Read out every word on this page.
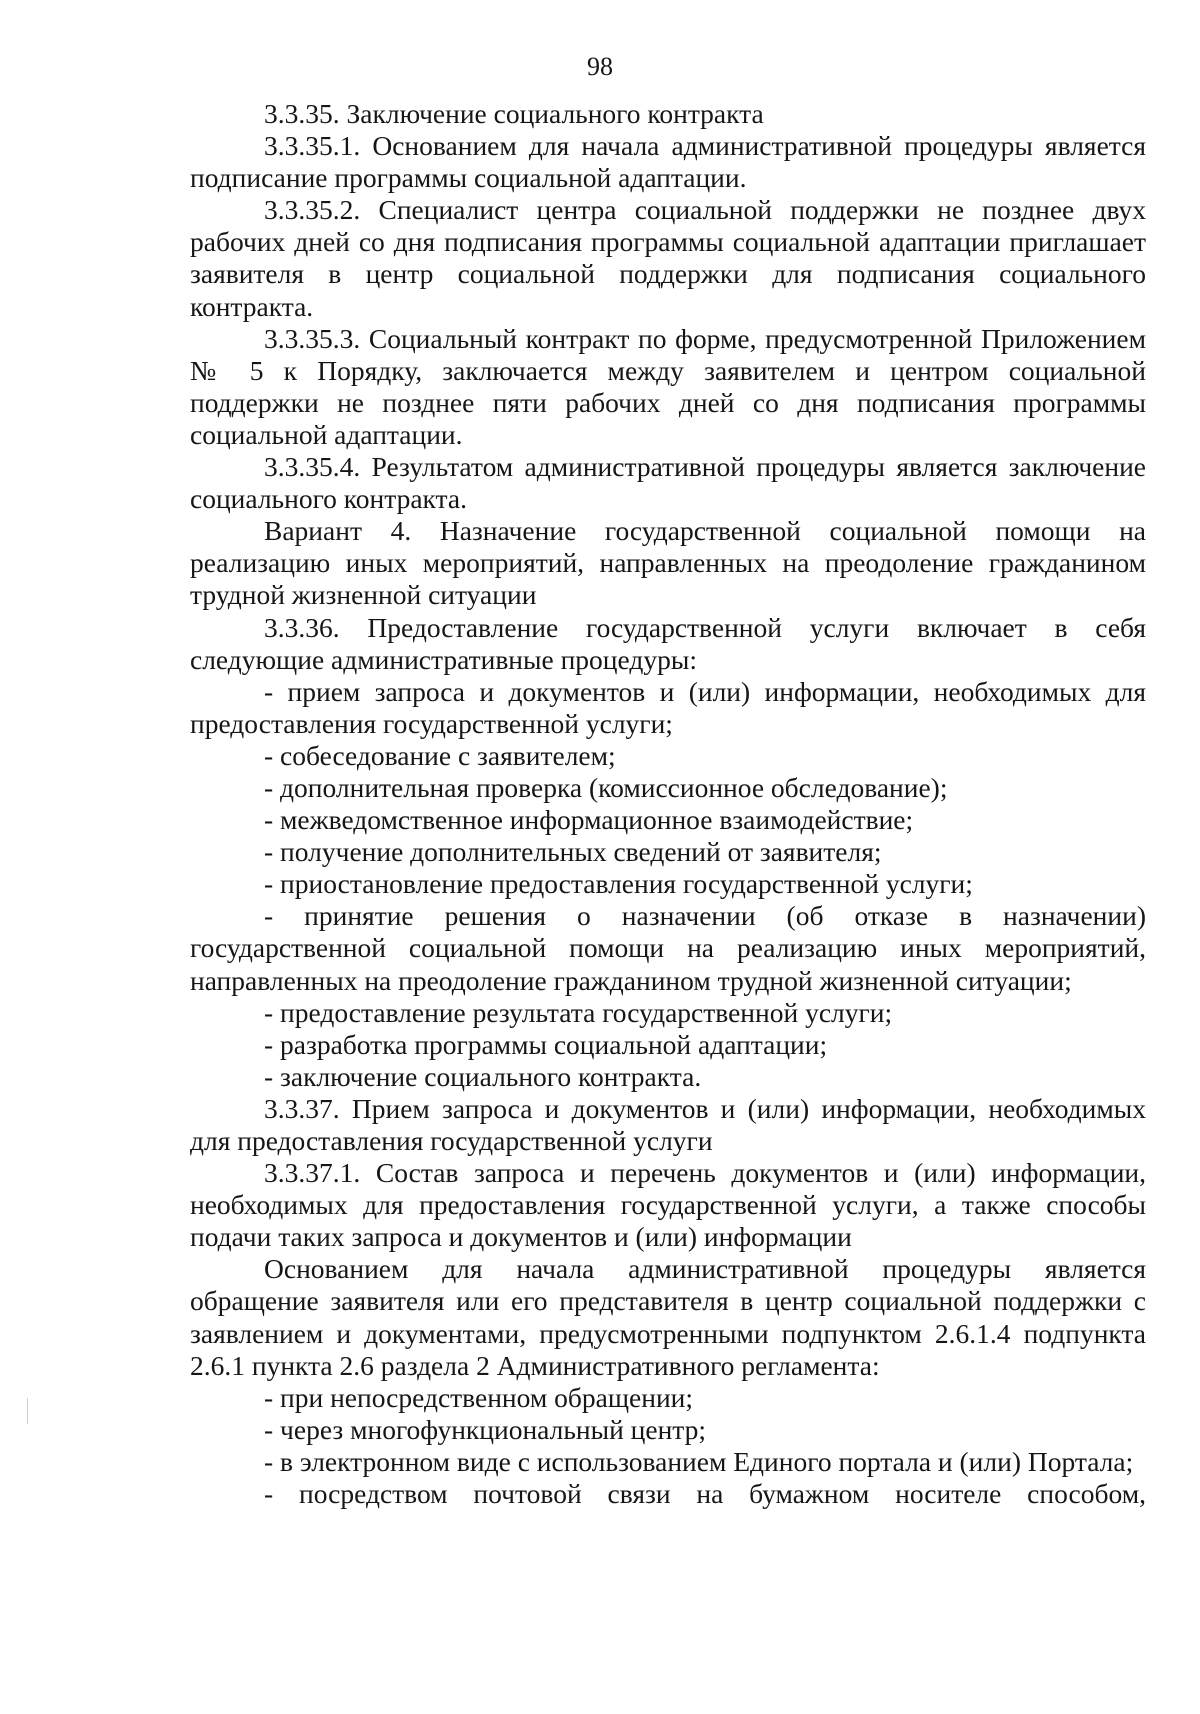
98

3.3.35. Заключение социального контракта

3.3.35.1. Основанием для начала административной процедуры является подписание программы социальной адаптации.

3.3.35.2. Специалист центра социальной поддержки не позднее двух рабочих дней со дня подписания программы социальной адаптации приглашает заявителя в центр социальной поддержки для подписания социального контракта.

3.3.35.3. Социальный контракт по форме, предусмотренной Приложением № 5 к Порядку, заключается между заявителем и центром социальной поддержки не позднее пяти рабочих дней со дня подписания программы социальной адаптации.

3.3.35.4. Результатом административной процедуры является заключение социального контракта.

Вариант 4. Назначение государственной социальной помощи на реализацию иных мероприятий, направленных на преодоление гражданином трудной жизненной ситуации

3.3.36. Предоставление государственной услуги включает в себя следующие административные процедуры:

- прием запроса и документов и (или) информации, необходимых для предоставления государственной услуги;

- собеседование с заявителем;

- дополнительная проверка (комиссионное обследование);

- межведомственное информационное взаимодействие;

- получение дополнительных сведений от заявителя;

- приостановление предоставления государственной услуги;

- принятие решения о назначении (об отказе в назначении) государственной социальной помощи на реализацию иных мероприятий, направленных на преодоление гражданином трудной жизненной ситуации;

- предоставление результата государственной услуги;

- разработка программы социальной адаптации;

- заключение социального контракта.

3.3.37. Прием запроса и документов и (или) информации, необходимых для предоставления государственной услуги

3.3.37.1. Состав запроса и перечень документов и (или) информации, необходимых для предоставления государственной услуги, а также способы подачи таких запроса и документов и (или) информации

Основанием для начала административной процедуры является обращение заявителя или его представителя в центр социальной поддержки с заявлением и документами, предусмотренными подпунктом 2.6.1.4 подпункта 2.6.1 пункта 2.6 раздела 2 Административного регламента:

- при непосредственном обращении;

- через многофункциональный центр;

- в электронном виде с использованием Единого портала и (или) Портала;

- посредством почтовой связи на бумажном носителе способом,
